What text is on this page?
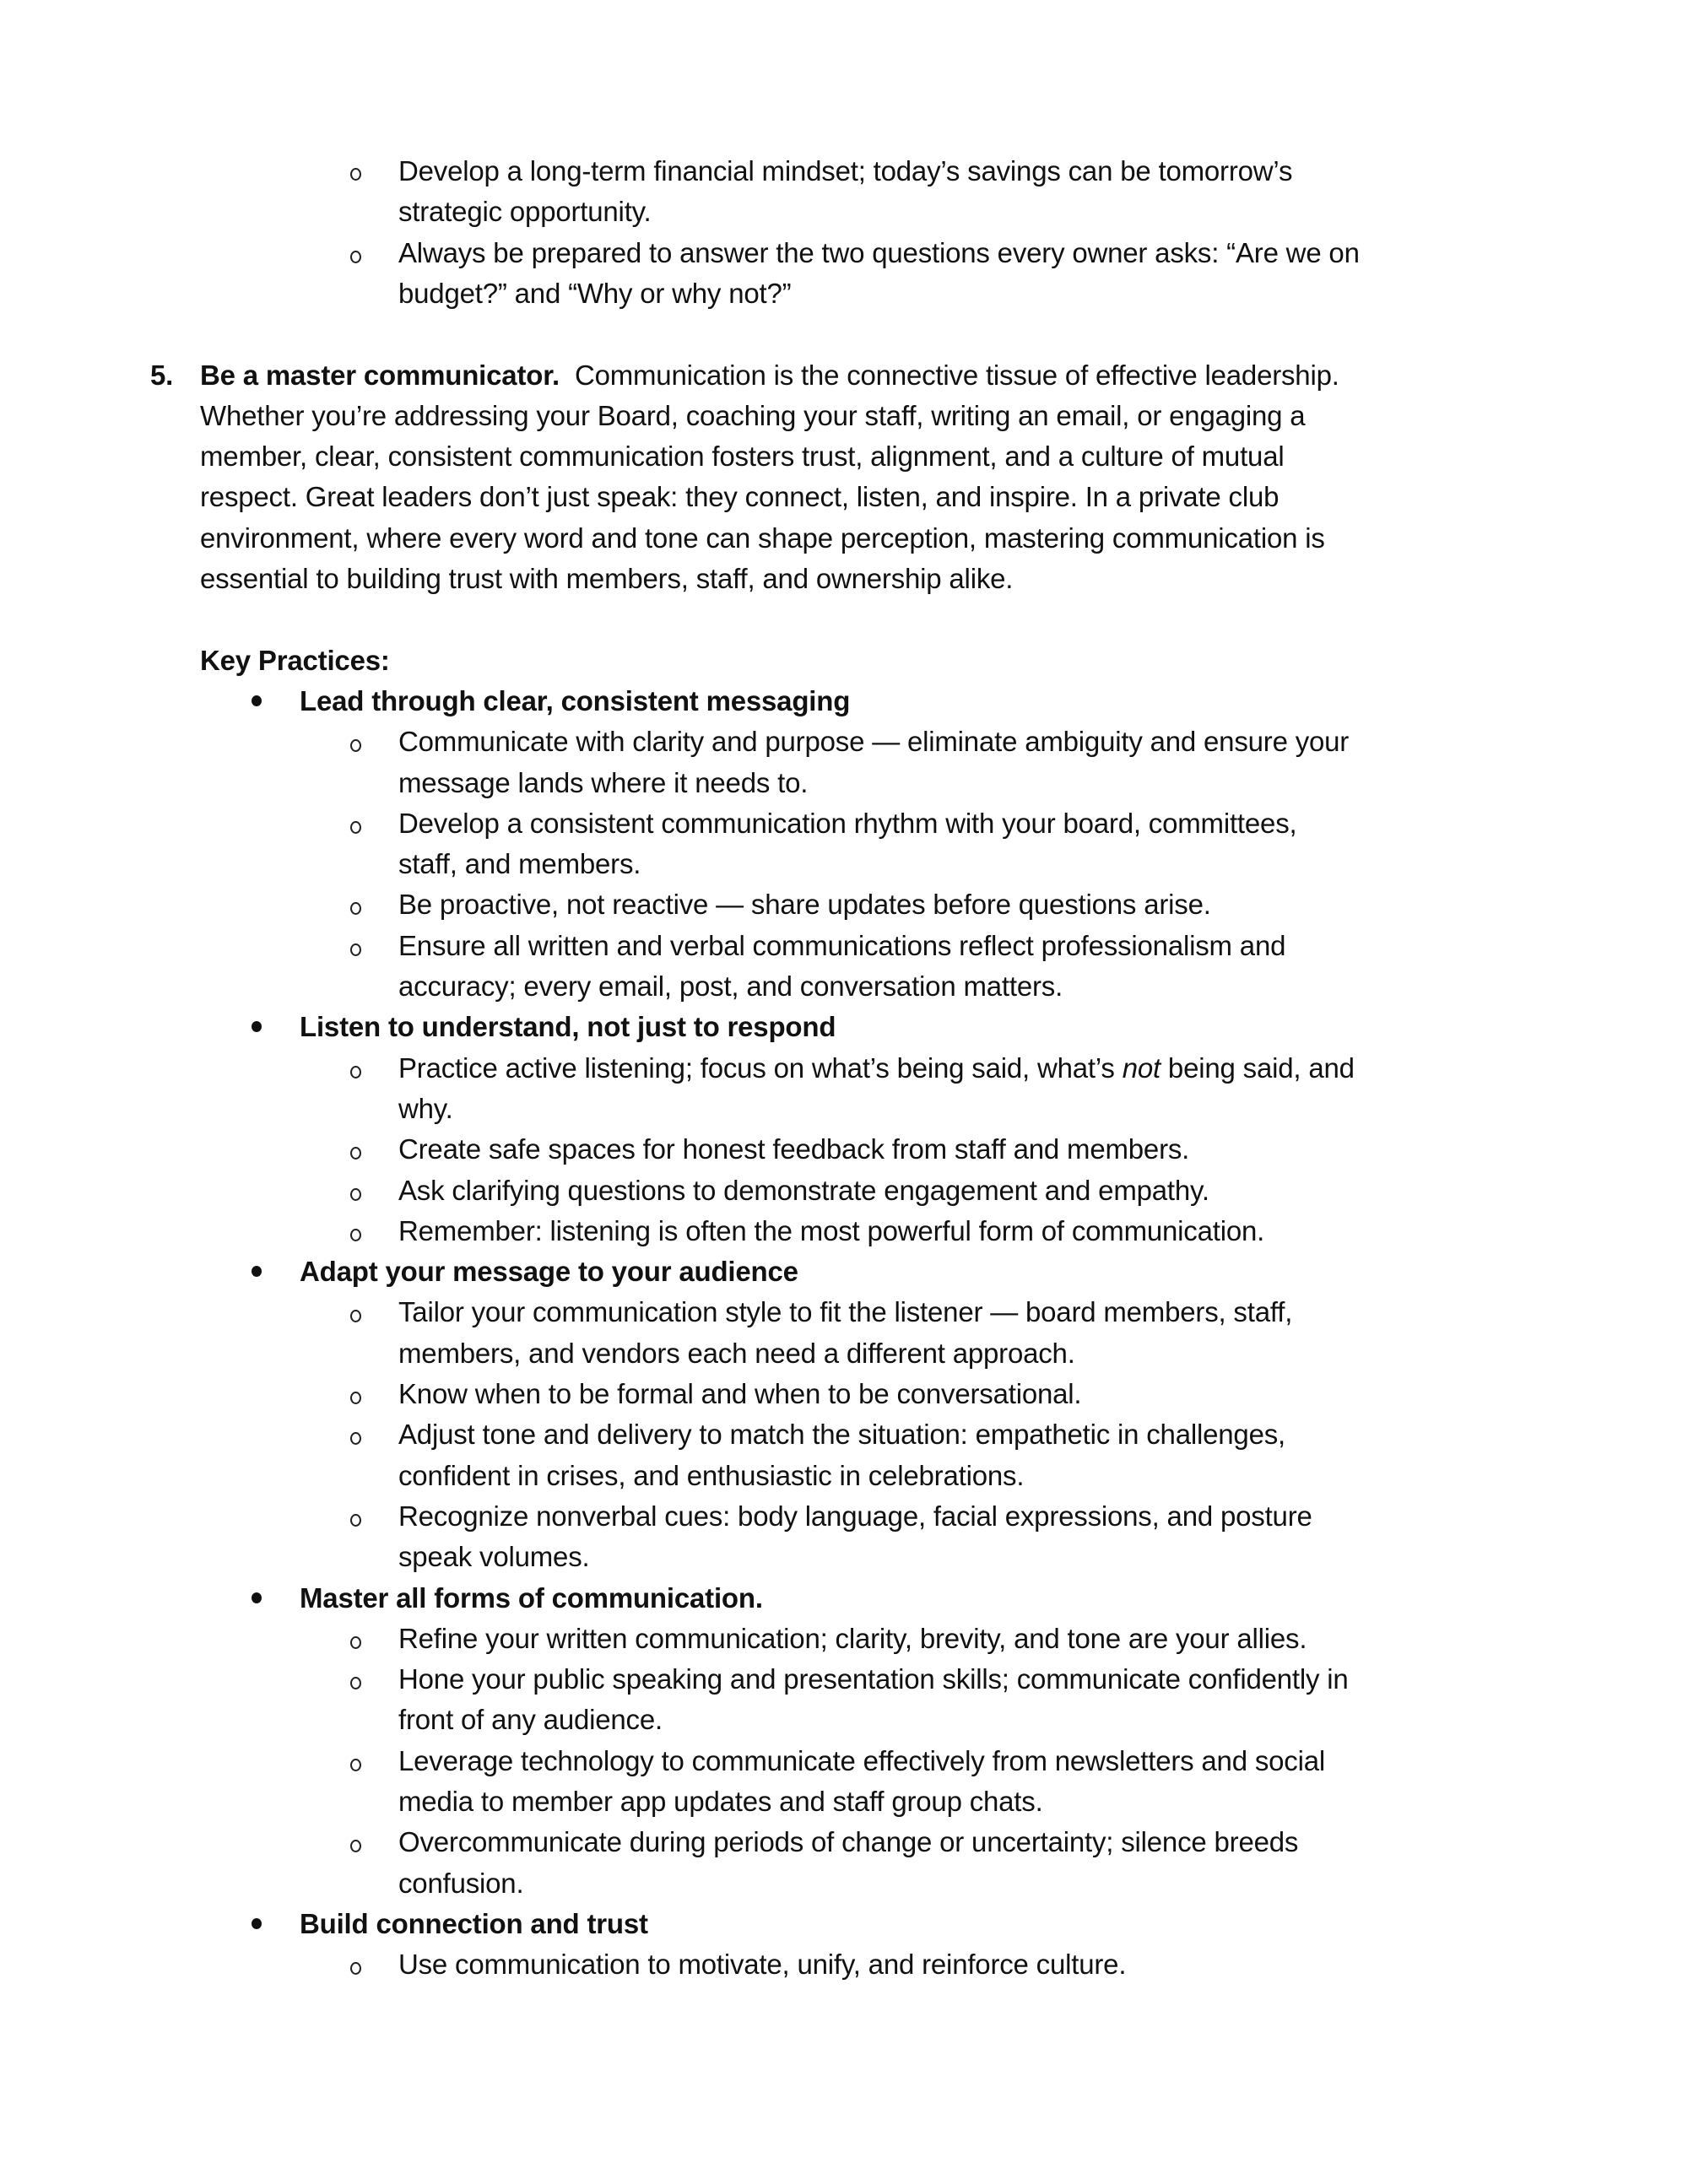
Develop a long-term financial mindset; today’s savings can be tomorrow’s
strategic opportunity.
Always be prepared to answer the two questions every owner asks: “Are we on
budget?” and “Why or why not?”
5. Be a master communicator. Communication is the connective tissue of effective leadership.
Whether you’re addressing your Board, coaching your staff, writing an email, or engaging a
member, clear, consistent communication fosters trust, alignment, and a culture of mutual
respect. Great leaders don’t just speak: they connect, listen, and inspire. In a private club
environment, where every word and tone can shape perception, mastering communication is
essential to building trust with members, staff, and ownership alike.
Key Practices:
Lead through clear, consistent messaging
Communicate with clarity and purpose — eliminate ambiguity and ensure your
message lands where it needs to.
Develop a consistent communication rhythm with your board, committees,
staff, and members.
Be proactive, not reactive — share updates before questions arise.
Ensure all written and verbal communications reflect professionalism and
accuracy; every email, post, and conversation matters.
Listen to understand, not just to respond
Practice active listening; focus on what’s being said, what’s not being said, and
why.
Create safe spaces for honest feedback from staff and members.
Ask clarifying questions to demonstrate engagement and empathy.
Remember: listening is often the most powerful form of communication.
Adapt your message to your audience
Tailor your communication style to fit the listener — board members, staff,
members, and vendors each need a different approach.
Know when to be formal and when to be conversational.
Adjust tone and delivery to match the situation: empathetic in challenges,
confident in crises, and enthusiastic in celebrations.
Recognize nonverbal cues: body language, facial expressions, and posture
speak volumes.
Master all forms of communication.
Refine your written communication; clarity, brevity, and tone are your allies.
Hone your public speaking and presentation skills; communicate confidently in
front of any audience.
Leverage technology to communicate effectively from newsletters and social
media to member app updates and staff group chats.
Overcommunicate during periods of change or uncertainty; silence breeds
confusion.
Build connection and trust
Use communication to motivate, unify, and reinforce culture.
